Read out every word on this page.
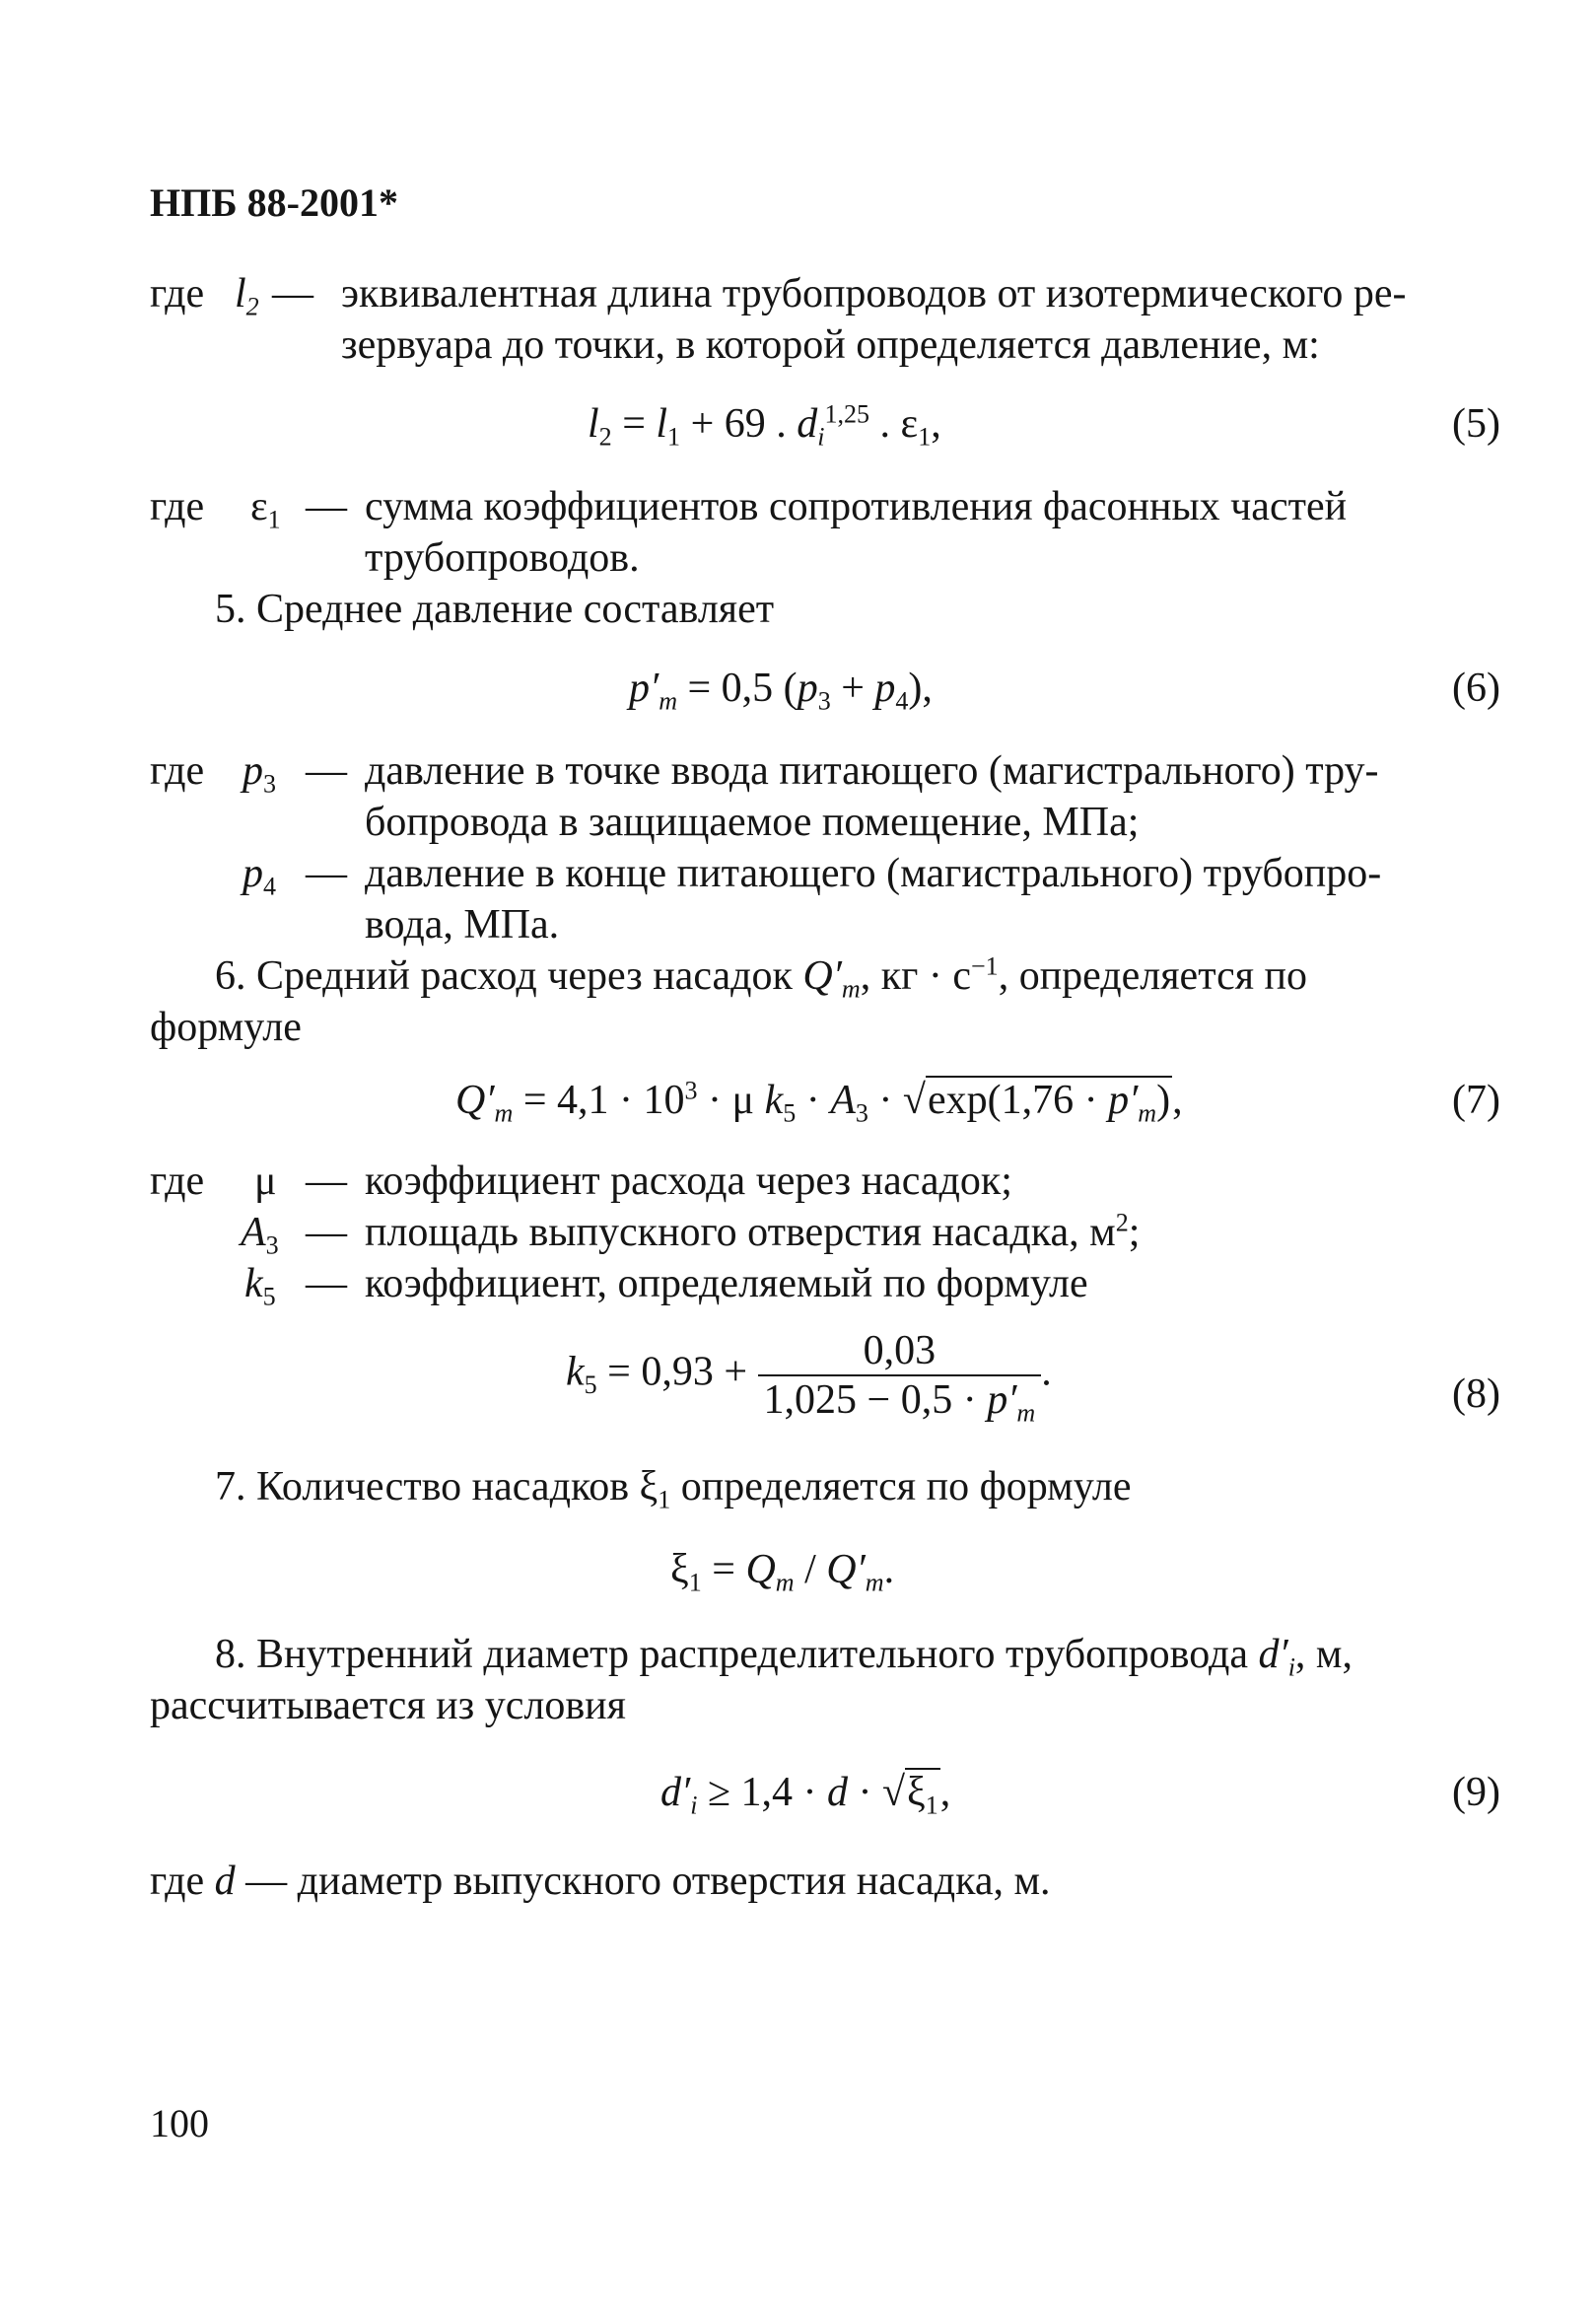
НПБ 88-2001*
где $l_2$ — эквивалентная длина трубопроводов от изотермического ре-
зервуара до точки, в которой определяется давление, м:
$l_2 = l_1 + 69$ . $d_i^{1,25}$ . $\varepsilon_1$,	(5)
где $\varepsilon_1$ — сумма коэффициентов сопротивления фасонных частей
трубопроводов.
5. Среднее давление составляет
$p'_m = 0,5$ $(p_3 + p_4)$,	(6)
где $p_3$ — давление в точке ввода питающего (магистрального) тру-
бопровода в защищаемое помещение, МПа;
$p_4$ — давление в конце питающего (магистрального) трубопро-
вода, МПа.
6. Средний расход через насадок $Q'_m$, кг · $с^{-1}$, определяется по
формуле
$Q'_m = 4,1 \cdot 10^3 \cdot \mu$ $k_5 \cdot A_3 \cdot √\exp(1,76 \cdot p'_m)$,	(7)
где μ — коэффициент расхода через насадок;
$A_3$ — площадь выпускного отверстия насадка, $м^2$;
$k_5$ — коэффициент, определяемый по формуле
$k_5 = 0,93 + \frac{0,03}{1,025 - 0,5 \cdot p'_m}$ .	(8)
7. Количество насадков $\xi_1$ определяется по формуле
$\xi_1 = Q_m / Q'_m$.
8. Внутренний диаметр распределительного трубопровода $d'_i$, м,
рассчитывается из условия
$d'_i \ge 1,4 \cdot d \cdot √\xi_1$,	(9)
где d — диаметр выпускного отверстия насадка, м.
100
